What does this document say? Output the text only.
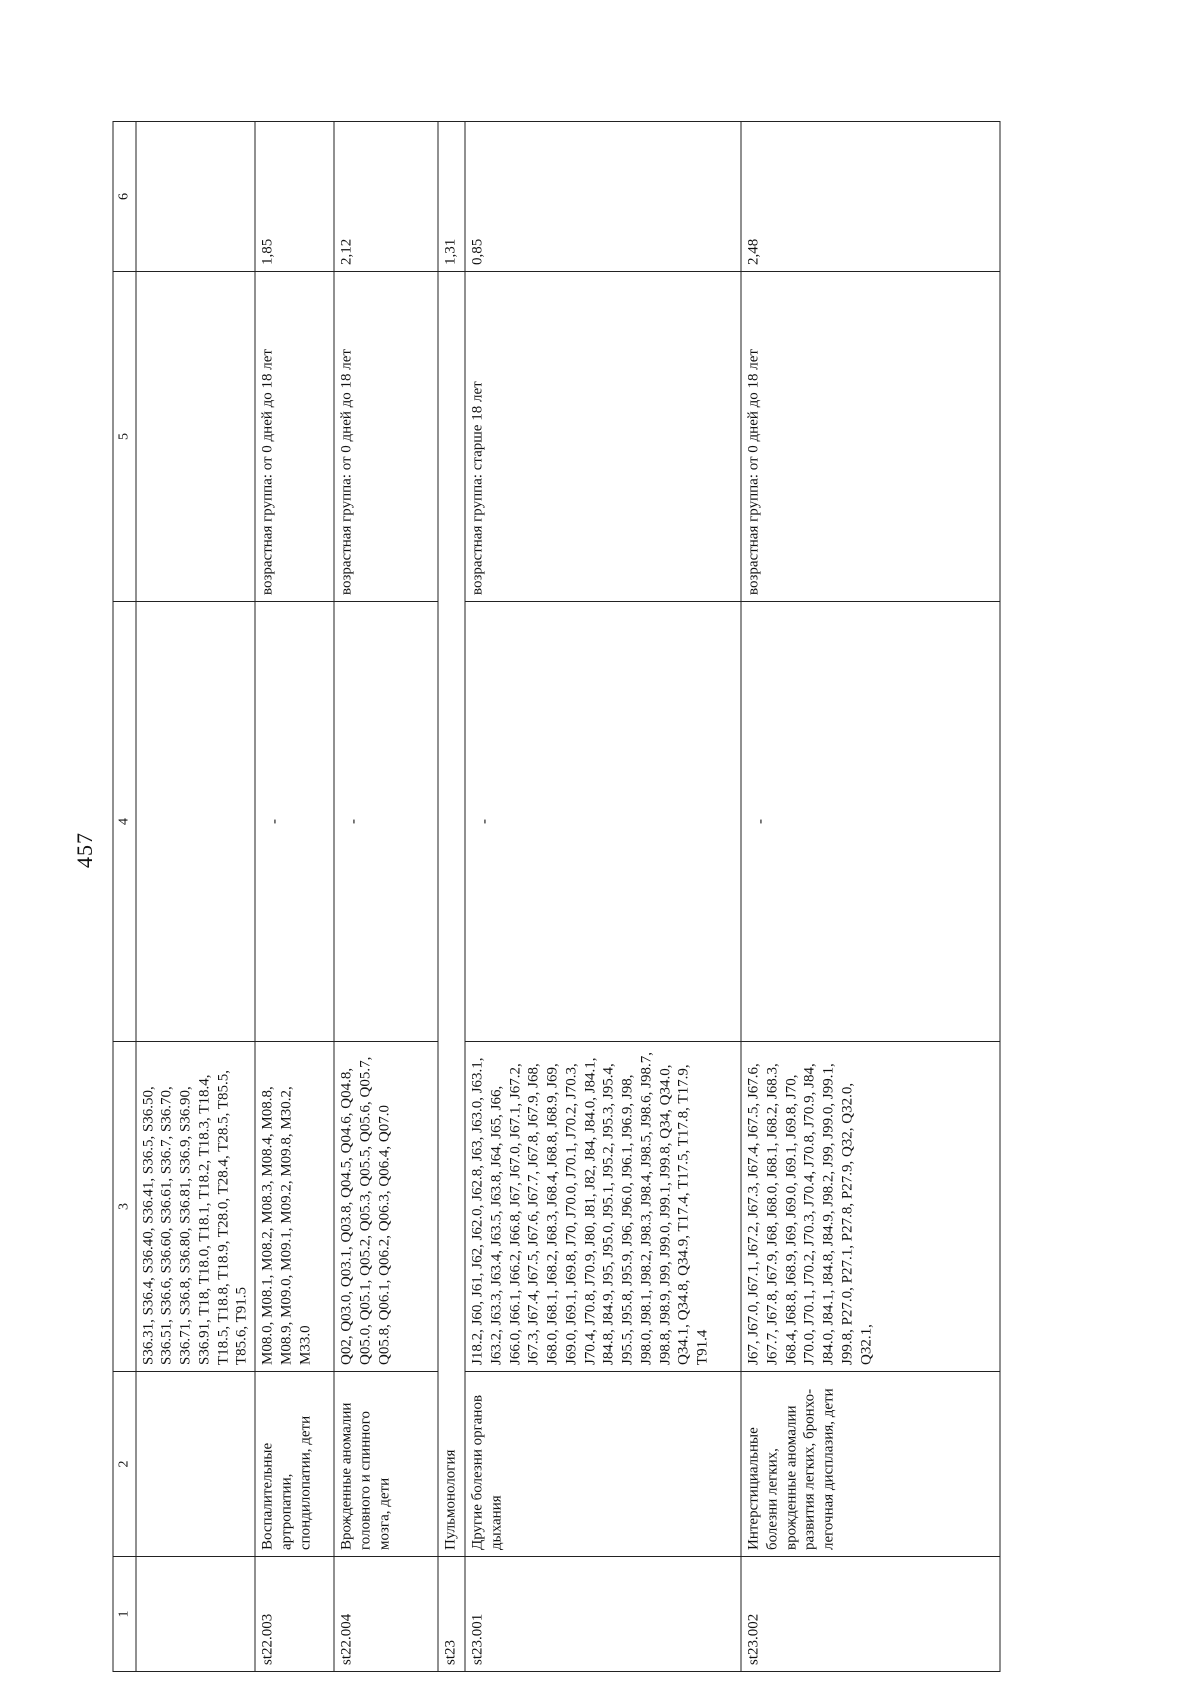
457
1	2	3	4	5	6
		S36.31, S36.4, S36.40, S36.41, S36.5, S36.50, S36.51, S36.6, S36.60, S36.61, S36.7, S36.70, S36.71, S36.8, S36.80, S36.81, S36.9, S36.90, S36.91, T18, T18.0, T18.1, T18.2, T18.3, T18.4, T18.5, T18.8, T18.9, T28.0, T28.4, T28.5, T85.5, T85.6, T91.5			
st22.003	Воспалительные артропатии, спондилопатии, дети	M08.0, M08.1, M08.2, M08.3, M08.4, M08.8, M08.9, M09.0, M09.1, M09.2, M09.8, M30.2, M33.0	-	возрастная группа: от 0 дней до 18 лет	1,85
st22.004	Врожденные аномалии головного и спинного мозга, дети	Q02, Q03.0, Q03.1, Q03.8, Q04.5, Q04.6, Q04.8, Q05.0, Q05.1, Q05.2, Q05.3, Q05.5, Q05.6, Q05.7, Q05.8, Q06.1, Q06.2, Q06.3, Q06.4, Q07.0	-	возрастная группа: от 0 дней до 18 лет	2,12
st23	Пульмонология				1,31
st23.001	Другие болезни органов дыхания	J18.2, J60, J61, J62, J62.0, J62.8, J63, J63.0, J63.1, J63.2, J63.3, J63.4, J63.5, J63.8, J64, J65, J66, J66.0, J66.1, J66.2, J66.8, J67, J67.0, J67.1, J67.2, J67.3, J67.4, J67.5, J67.6, J67.7, J67.8, J67.9, J68, J68.0, J68.1, J68.2, J68.3, J68.4, J68.8, J68.9, J69, J69.0, J69.1, J69.8, J70, J70.0, J70.1, J70.2, J70.3, J70.4, J70.8, J70.9, J80, J81, J82, J84, J84.0, J84.1, J84.8, J84.9, J95, J95.0, J95.1, J95.2, J95.3, J95.4, J95.5, J95.8, J95.9, J96, J96.0, J96.1, J96.9, J98, J98.0, J98.1, J98.2, J98.3, J98.4, J98.5, J98.6, J98.7, J98.8, J98.9, J99, J99.0, J99.1, J99.8, Q34, Q34.0, Q34.1, Q34.8, Q34.9, T17.4, T17.5, T17.8, T17.9, T91.4	-	возрастная группа: старше 18 лет	0,85
st23.002	Интерстициальные болезни легких, врожденные аномалии развития легких, бронхо-легочная дисплазия, дети	J67, J67.0, J67.1, J67.2, J67.3, J67.4, J67.5, J67.6, J67.7, J67.8, J67.9, J68, J68.0, J68.1, J68.2, J68.3, J68.4, J68.8, J68.9, J69, J69.0, J69.1, J69.8, J70, J70.0, J70.1, J70.2, J70.3, J70.4, J70.8, J70.9, J84, J84.0, J84.1, J84.8, J84.9, J98.2, J99, J99.0, J99.1, J99.8, P27.0, P27.1, P27.8, P27.9, Q32, Q32.0, Q32.1,	-	возрастная группа: от 0 дней до 18 лет	2,48
